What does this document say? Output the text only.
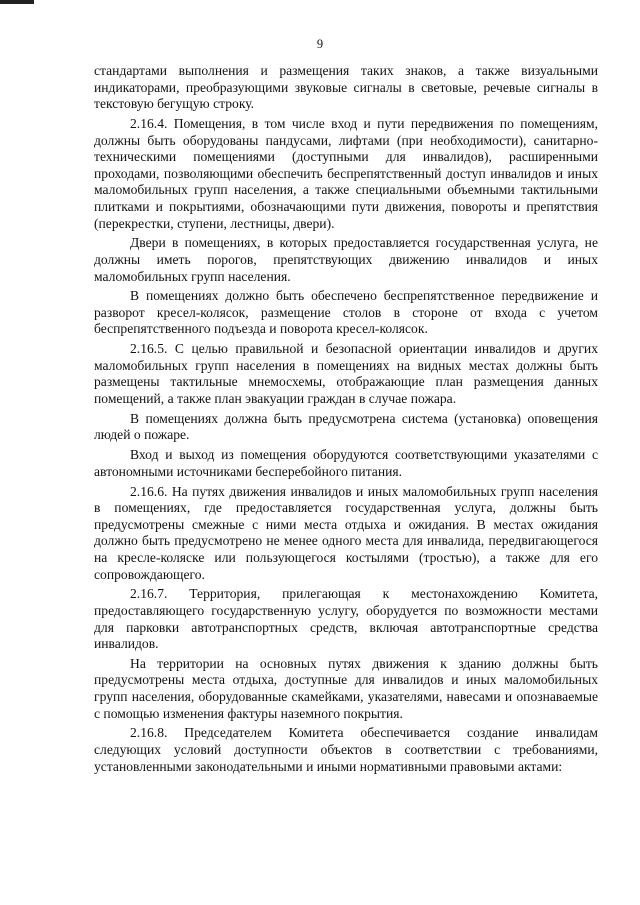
9

стандартами выполнения и размещения таких знаков, а также визуальными индикаторами, преобразующими звуковые сигналы в световые, речевые сигналы в текстовую бегущую строку.

2.16.4. Помещения, в том числе вход и пути передвижения по помещениям, должны быть оборудованы пандусами, лифтами (при необходимости), санитарно-техническими помещениями (доступными для инвалидов), расширенными проходами, позволяющими обеспечить беспрепятственный доступ инвалидов и иных маломобильных групп населения, а также специальными объемными тактильными плитками и покрытиями, обозначающими пути движения, повороты и препятствия (перекрестки, ступени, лестницы, двери).

Двери в помещениях, в которых предоставляется государственная услуга, не должны иметь порогов, препятствующих движению инвалидов и иных маломобильных групп населения.

В помещениях должно быть обеспечено беспрепятственное передвижение и разворот кресел-колясок, размещение столов в стороне от входа с учетом беспрепятственного подъезда и поворота кресел-колясок.

2.16.5. С целью правильной и безопасной ориентации инвалидов и других маломобильных групп населения в помещениях на видных местах должны быть размещены тактильные мнемосхемы, отображающие план размещения данных помещений, а также план эвакуации граждан в случае пожара.

В помещениях должна быть предусмотрена система (установка) оповещения людей о пожаре.

Вход и выход из помещения оборудуются соответствующими указателями с автономными источниками бесперебойного питания.

2.16.6. На путях движения инвалидов и иных маломобильных групп населения в помещениях, где предоставляется государственная услуга, должны быть предусмотрены смежные с ними места отдыха и ожидания. В местах ожидания должно быть предусмотрено не менее одного места для инвалида, передвигающегося на кресле-коляске или пользующегося костылями (тростью), а также для его сопровождающего.

2.16.7. Территория, прилегающая к местонахождению Комитета, предоставляющего государственную услугу, оборудуется по возможности местами для парковки автотранспортных средств, включая автотранспортные средства инвалидов.

На территории на основных путях движения к зданию должны быть предусмотрены места отдыха, доступные для инвалидов и иных маломобильных групп населения, оборудованные скамейками, указателями, навесами и опознаваемые с помощью изменения фактуры наземного покрытия.

2.16.8. Председателем Комитета обеспечивается создание инвалидам следующих условий доступности объектов в соответствии с требованиями, установленными законодательными и иными нормативными правовыми актами:
